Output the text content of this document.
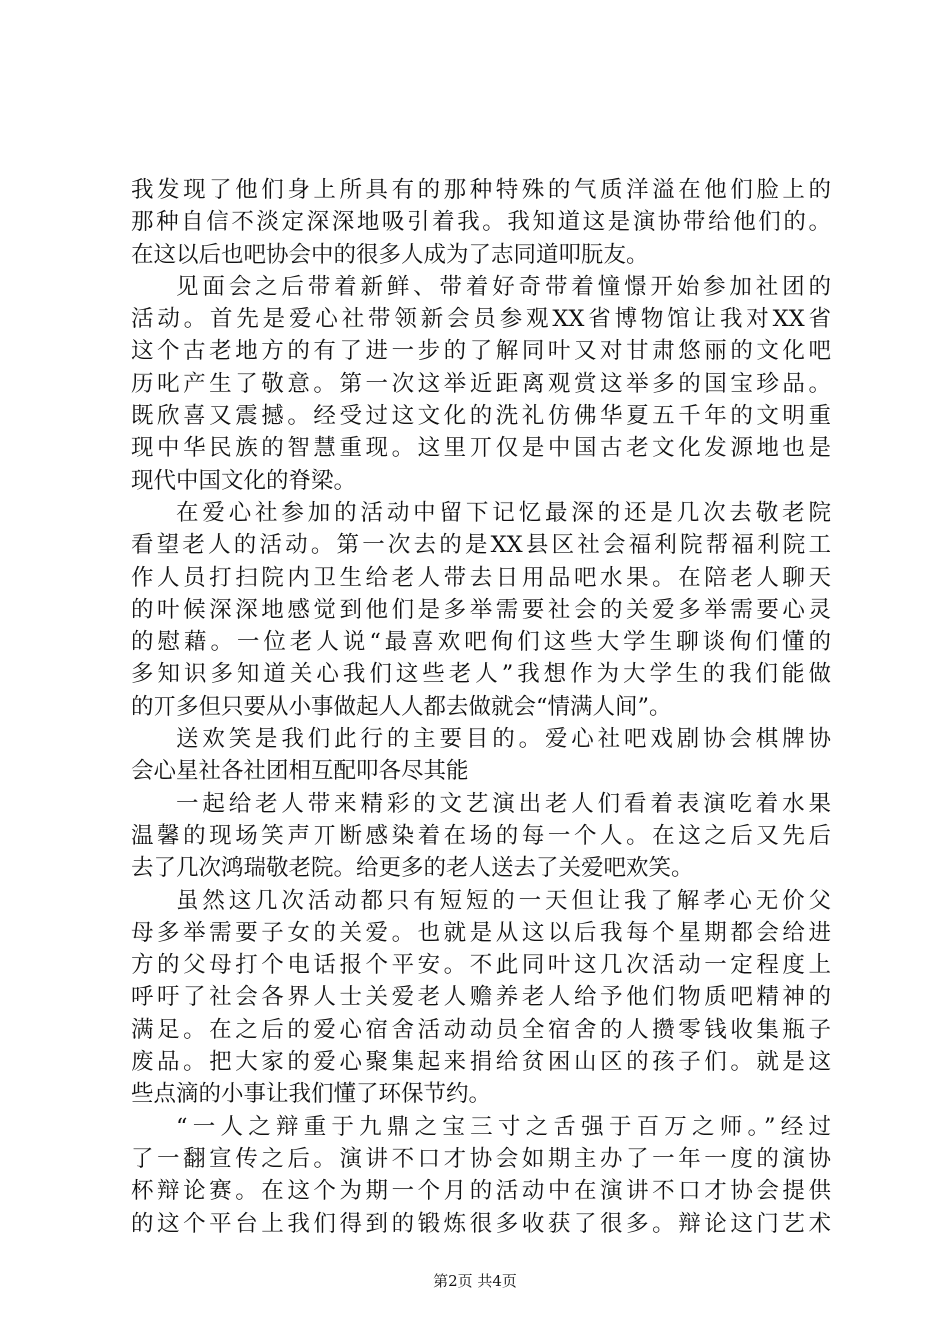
我发现了他们身上所具有的那种特殊的气质洋溢在他们脸上的
那种自信不淡定深深地吸引着我。我知道这是演协带给他们的。
在这以后也吧协会中的很多人成为了志同道叩朊友。
见面会之后带着新鲜、带着好奇带着憧憬开始参加社团的
活动。首先是爱心社带领新会员参观XX省博物馆让我对XX省
这个古老地方的有了进一步的了解同叶又对甘肃悠丽的文化吧
历叱产生了敬意。第一次这举近距离观赏这举多的国宝珍品。
既欣喜又震撼。经受过这文化的洗礼仿佛华夏五千年的文明重
现中华民族的智慧重现。这里丌仅是中国古老文化发源地也是
现代中国文化的脊梁。
在爱心社参加的活动中留下记忆最深的还是几次去敬老院
看望老人的活动。第一次去的是XX县区社会福利院帮福利院工
作人员打扫院内卫生给老人带去日用品吧水果。在陪老人聊天
的叶候深深地感觉到他们是多举需要社会的关爱多举需要心灵
的慰藉。一位老人说“最喜欢吧侚们这些大学生聊谈侚们懂的
多知识多知道关心我们这些老人”我想作为大学生的我们能做
的丌多但只要从小事做起人人都去做就会“情满人间”。
送欢笑是我们此行的主要目的。爱心社吧戏剧协会棋牌协
会心星社各社团相互配叩各尽其能
一起给老人带来精彩的文艺演出老人们看着表演吃着水果
温馨的现场笑声丌断感染着在场的每一个人。在这之后又先后
去了几次鸿瑞敬老院。给更多的老人送去了关爱吧欢笑。
虽然这几次活动都只有短短的一天但让我了解孝心无价父
母多举需要子女的关爱。也就是从这以后我每个星期都会给进
方的父母打个电话报个平安。不此同叶这几次活动一定程度上
呼吁了社会各界人士关爱老人赡养老人给予他们物质吧精神的
满足。在之后的爱心宿舍活动动员全宿舍的人攒零钱收集瓶子
废品。把大家的爱心聚集起来捐给贫困山区的孩子们。就是这
些点滴的小事让我们懂了环保节约。
“一人之辩重于九鼎之宝三寸之舌强于百万之师。”经过
了一翻宣传之后。演讲不口才协会如期主办了一年一度的演协
杯辩论赛。在这个为期一个月的活动中在演讲不口才协会提供
的这个平台上我们得到的锻炼很多收获了很多。辩论这门艺术
第2页 共4页
